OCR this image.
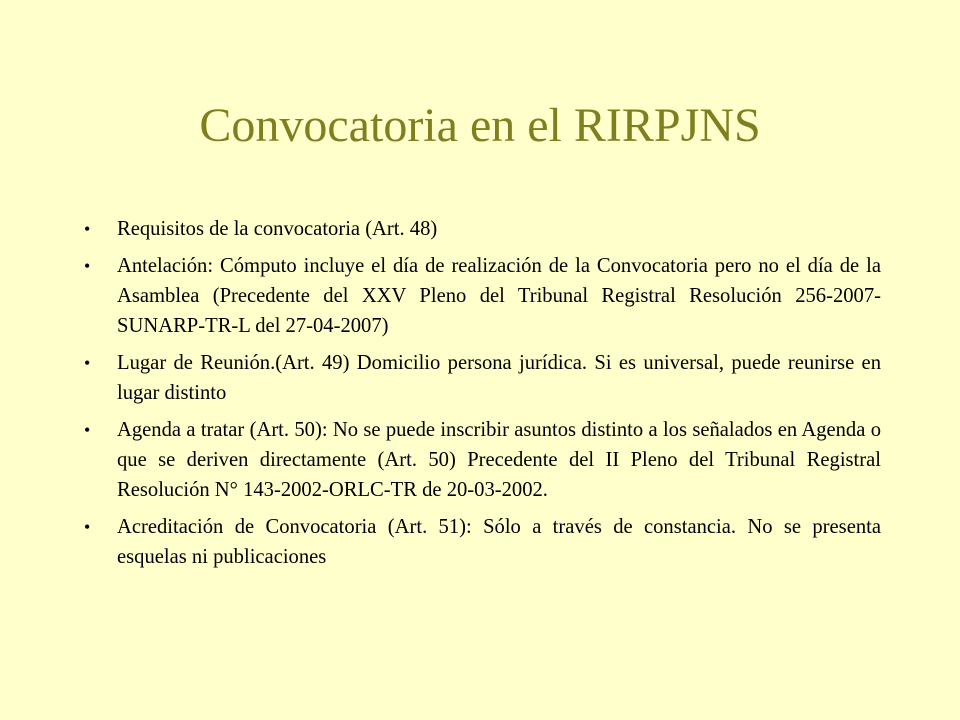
Convocatoria en el RIRPJNS
•	Requisitos de la convocatoria (Art. 48)
•	Antelación: Cómputo incluye el día de realización de la Convocatoria pero no el día de la Asamblea (Precedente del XXV Pleno del Tribunal Registral Resolución 256-2007-SUNARP-TR-L del 27-04-2007)
•	Lugar de Reunión.(Art. 49) Domicilio persona jurídica. Si es universal, puede reunirse en lugar distinto
•	Agenda a tratar (Art. 50): No se puede inscribir asuntos distinto a los señalados en Agenda o que se deriven directamente (Art. 50) Precedente del II Pleno del Tribunal Registral Resolución N° 143-2002-ORLC-TR de 20-03-2002.
•	Acreditación de Convocatoria (Art. 51): Sólo a través de constancia. No se presenta esquelas ni publicaciones
